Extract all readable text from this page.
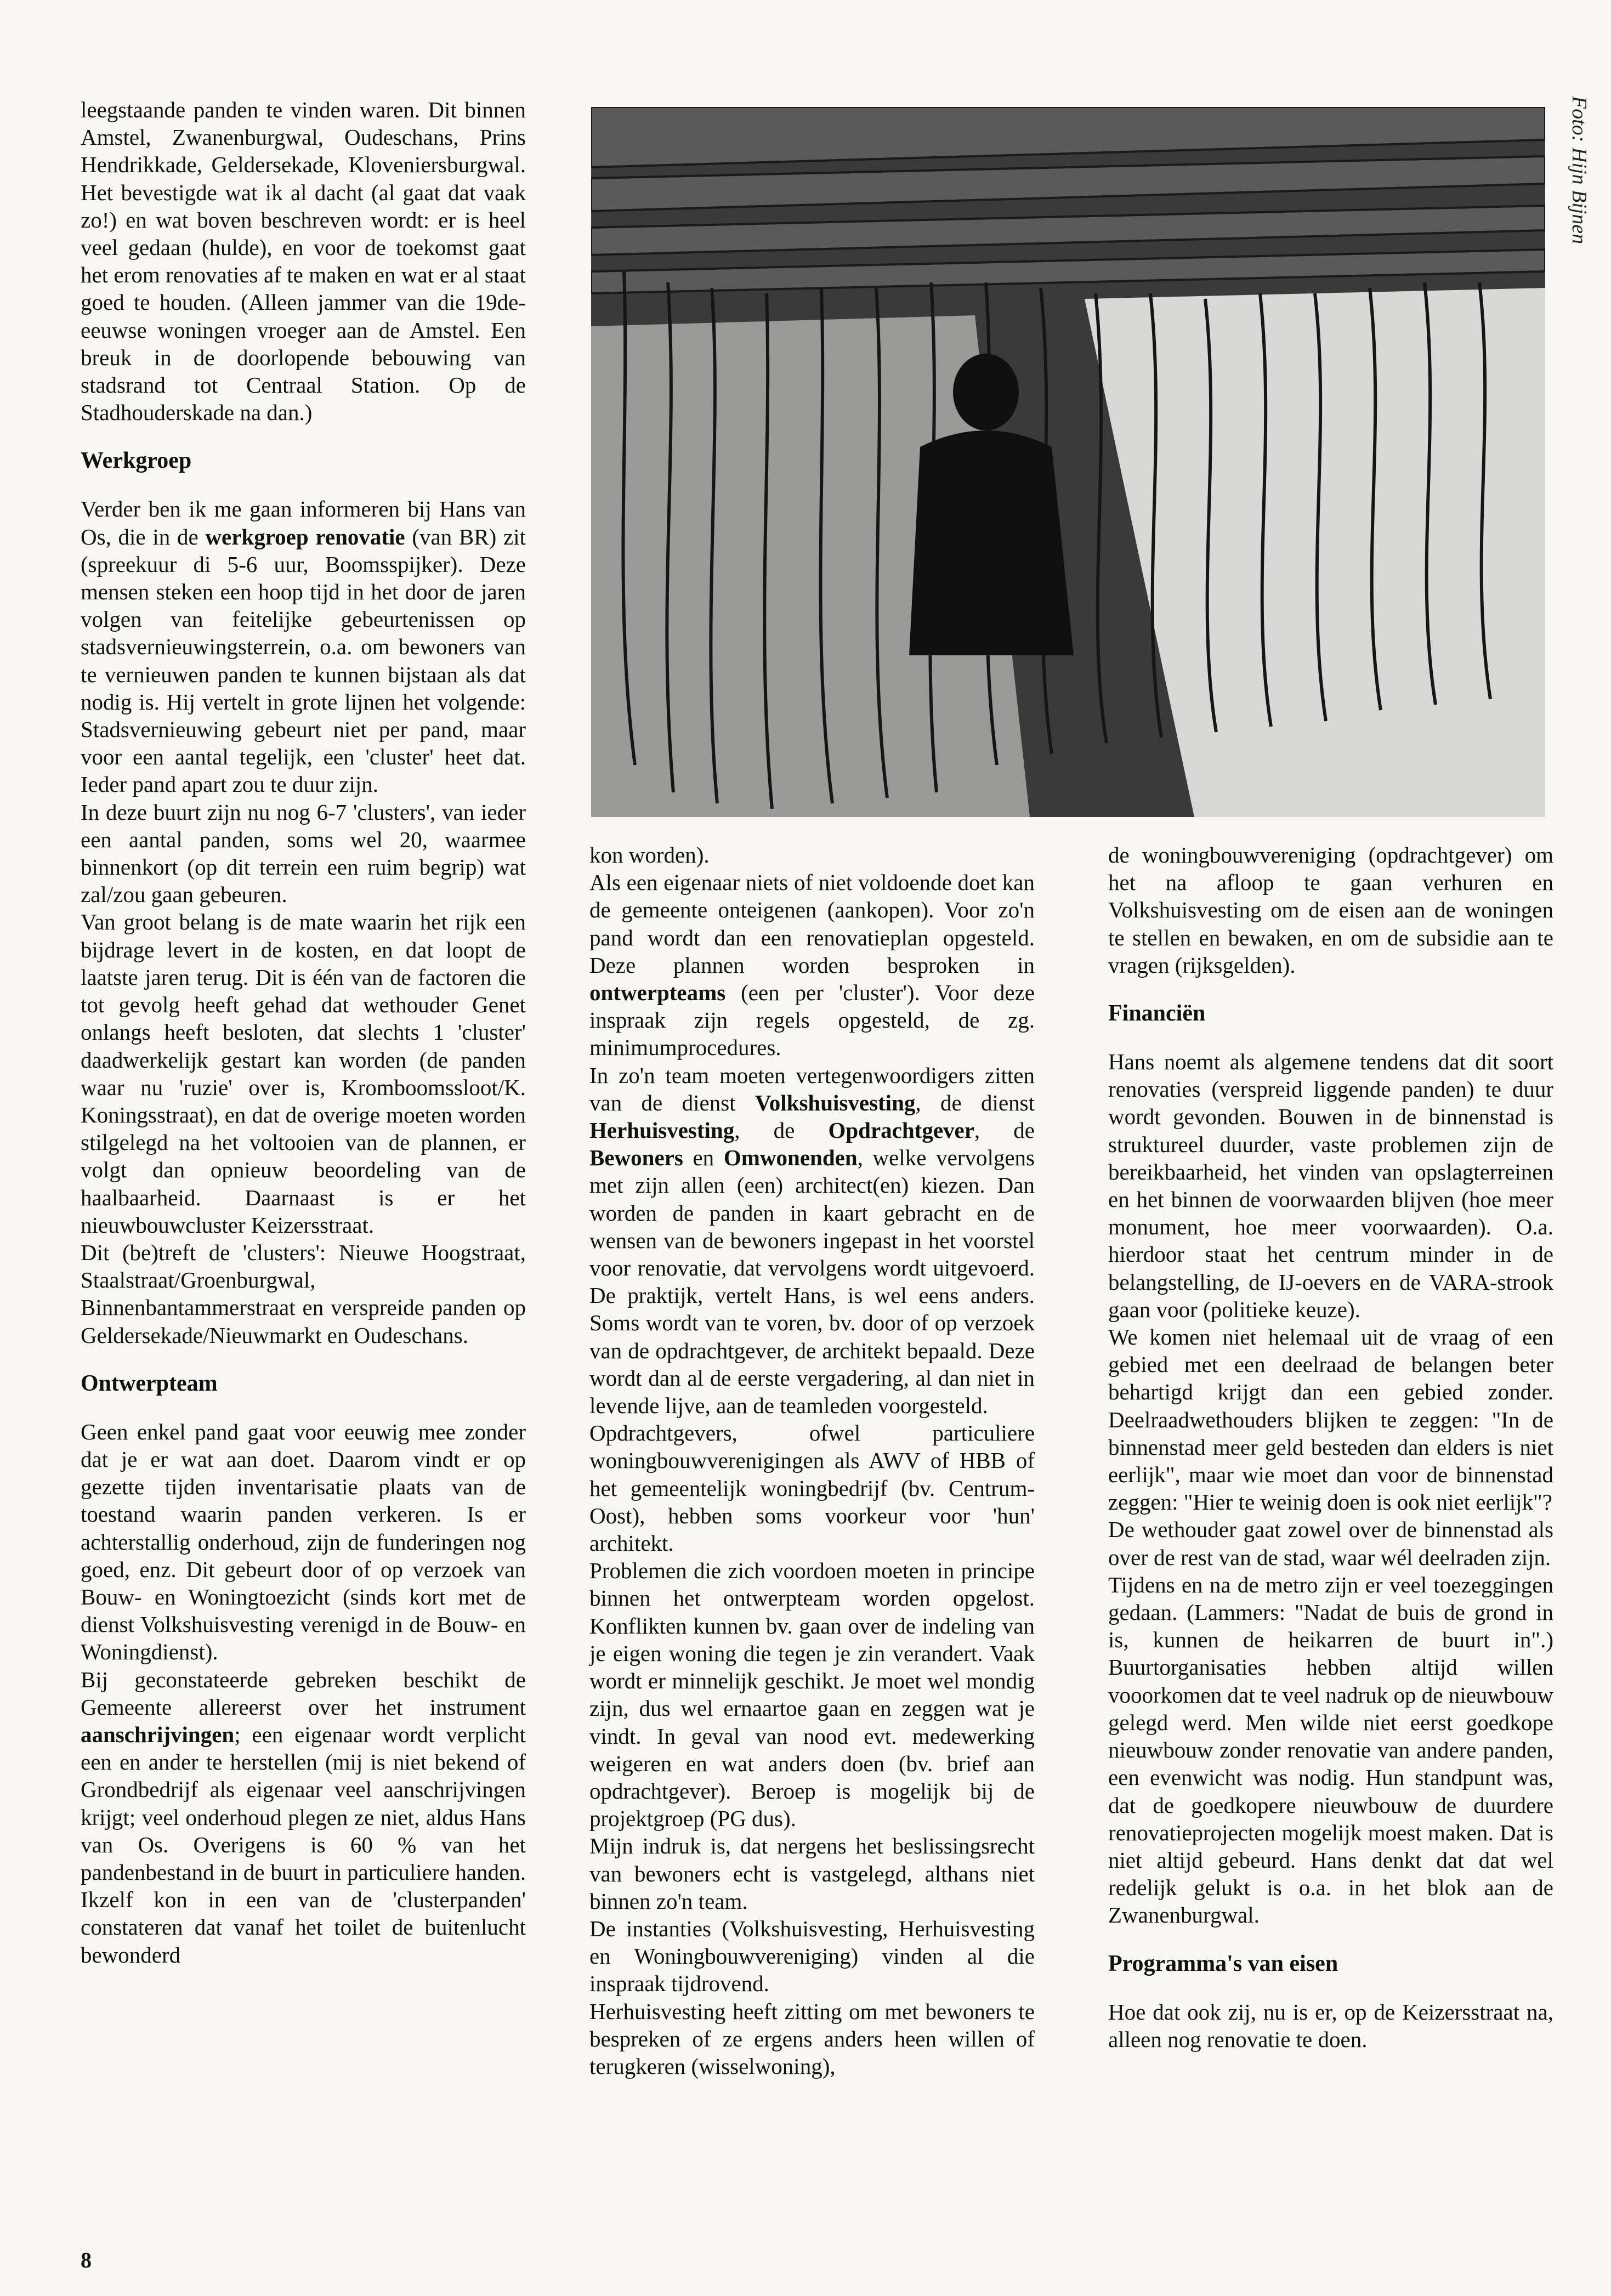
leegstaande panden te vinden waren. Dit binnen Amstel, Zwanenburgwal, Oudeschans, Prins Hendrikkade, Geldersekade, Kloveniersburgwal. Het bevestigde wat ik al dacht (al gaat dat vaak zo!) en wat boven beschreven wordt: er is heel veel gedaan (hulde), en voor de toekomst gaat het erom renovaties af te maken en wat er al staat goed te houden. (Alleen jammer van die 19de-eeuwse woningen vroeger aan de Amstel. Een breuk in de doorlopende bebouwing van stadsrand tot Centraal Station. Op de Stadhouderskade na dan.)

Werkgroep

Verder ben ik me gaan informeren bij Hans van Os, die in de werkgroep renovatie (van BR) zit (spreekuur di 5-6 uur, Boomsspijker). Deze mensen steken een hoop tijd in het door de jaren volgen van feitelijke gebeurtenissen op stadsvernieuwingsterrein, o.a. om bewoners van te vernieuwen panden te kunnen bijstaan als dat nodig is. Hij vertelt in grote lijnen het volgende: Stadsvernieuwing gebeurt niet per pand, maar voor een aantal tegelijk, een 'cluster' heet dat. Ieder pand apart zou te duur zijn.

In deze buurt zijn nu nog 6-7 'clusters', van ieder een aantal panden, soms wel 20, waarmee binnenkort (op dit terrein een ruim begrip) wat zal/zou gaan gebeuren.

Van groot belang is de mate waarin het rijk een bijdrage levert in de kosten, en dat loopt de laatste jaren terug. Dit is één van de factoren die tot gevolg heeft gehad dat wethouder Genet onlangs heeft besloten, dat slechts 1 'cluster' daadwerkelijk gestart kan worden (de panden waar nu 'ruzie' over is, Kromboomssloot/K. Koningsstraat), en dat de overige moeten worden stilgelegd na het voltooien van de plannen, er volgt dan opnieuw beoordeling van de haalbaarheid. Daarnaast is er het nieuwbouwcluster Keizersstraat.

Dit (be)treft de 'clusters': Nieuwe Hoogstraat, Staalstraat/Groenburgwal, Binnenbantammerstraat en verspreide panden op Geldersekade/Nieuwmarkt en Oudeschans.

Ontwerpteam

Geen enkel pand gaat voor eeuwig mee zonder dat je er wat aan doet. Daarom vindt er op gezette tijden inventarisatie plaats van de toestand waarin panden verkeren. Is er achterstallig onderhoud, zijn de funderingen nog goed, enz. Dit gebeurt door of op verzoek van Bouw- en Woningtoezicht (sinds kort met de dienst Volkshuisvesting verenigd in de Bouw- en Woningdienst).

Bij geconstateerde gebreken beschikt de Gemeente allereerst over het instrument aanschrijvingen; een eigenaar wordt verplicht een en ander te herstellen (mij is niet bekend of Grondbedrijf als eigenaar veel aanschrijvingen krijgt; veel onderhoud plegen ze niet, aldus Hans van Os. Overigens is 60 % van het pandenbestand in de buurt in particuliere handen. Ikzelf kon in een van de 'clusterpanden' constateren dat vanaf het toilet de buitenlucht bewonderd

Foto: Hijn Bijnen

kon worden).

Als een eigenaar niets of niet voldoende doet kan de gemeente onteigenen (aankopen). Voor zo'n pand wordt dan een renovatieplan opgesteld. Deze plannen worden besproken in ontwerpteams (een per 'cluster'). Voor deze inspraak zijn regels opgesteld, de zg. minimumprocedures.

In zo'n team moeten vertegenwoordigers zitten van de dienst Volkshuisvesting, de dienst Herhuisvesting, de Opdrachtgever, de Bewoners en Omwonenden, welke vervolgens met zijn allen (een) architect(en) kiezen. Dan worden de panden in kaart gebracht en de wensen van de bewoners ingepast in het voorstel voor renovatie, dat vervolgens wordt uitgevoerd. De praktijk, vertelt Hans, is wel eens anders. Soms wordt van te voren, bv. door of op verzoek van de opdrachtgever, de architekt bepaald. Deze wordt dan al de eerste vergadering, al dan niet in levende lijve, aan de teamleden voorgesteld.

Opdrachtgevers, ofwel particuliere woningbouwverenigingen als AWV of HBB of het gemeentelijk woningbedrijf (bv. Centrum-Oost), hebben soms voorkeur voor 'hun' architekt.

Problemen die zich voordoen moeten in principe binnen het ontwerpteam worden opgelost. Konflikten kunnen bv. gaan over de indeling van je eigen woning die tegen je zin verandert. Vaak wordt er minnelijk geschikt. Je moet wel mondig zijn, dus wel ernaartoe gaan en zeggen wat je vindt. In geval van nood evt. medewerking weigeren en wat anders doen (bv. brief aan opdrachtgever). Beroep is mogelijk bij de projektgroep (PG dus).

Mijn indruk is, dat nergens het beslissingsrecht van bewoners echt is vastgelegd, althans niet binnen zo'n team.

De instanties (Volkshuisvesting, Herhuisvesting en Woningbouwvereniging) vinden al die inspraak tijdrovend.

Herhuisvesting heeft zitting om met bewoners te bespreken of ze ergens anders heen willen of terugkeren (wisselwoning),

de woningbouwvereniging (opdrachtgever) om het na afloop te gaan verhuren en Volkshuisvesting om de eisen aan de woningen te stellen en bewaken, en om de subsidie aan te vragen (rijksgelden).

Financiën

Hans noemt als algemene tendens dat dit soort renovaties (verspreid liggende panden) te duur wordt gevonden. Bouwen in de binnenstad is struktureel duurder, vaste problemen zijn de bereikbaarheid, het vinden van opslagterreinen en het binnen de voorwaarden blijven (hoe meer monument, hoe meer voorwaarden). O.a. hierdoor staat het centrum minder in de belangstelling, de IJ-oevers en de VARA-strook gaan voor (politieke keuze).

We komen niet helemaal uit de vraag of een gebied met een deelraad de belangen beter behartigd krijgt dan een gebied zonder. Deelraadwethouders blijken te zeggen: "In de binnenstad meer geld besteden dan elders is niet eerlijk", maar wie moet dan voor de binnenstad zeggen: "Hier te weinig doen is ook niet eerlijk"?

De wethouder gaat zowel over de binnenstad als over de rest van de stad, waar wél deelraden zijn.

Tijdens en na de metro zijn er veel toezeggingen gedaan. (Lammers: "Nadat de buis de grond in is, kunnen de heikarren de buurt in".) Buurtorganisaties hebben altijd willen vooorkomen dat te veel nadruk op de nieuwbouw gelegd werd. Men wilde niet eerst goedkope nieuwbouw zonder renovatie van andere panden, een evenwicht was nodig. Hun standpunt was, dat de goedkopere nieuwbouw de duurdere renovatieprojecten mogelijk moest maken. Dat is niet altijd gebeurd. Hans denkt dat dat wel redelijk gelukt is o.a. in het blok aan de Zwanenburgwal.

Programma's van eisen

Hoe dat ook zij, nu is er, op de Keizersstraat na, alleen nog renovatie te doen.

8
